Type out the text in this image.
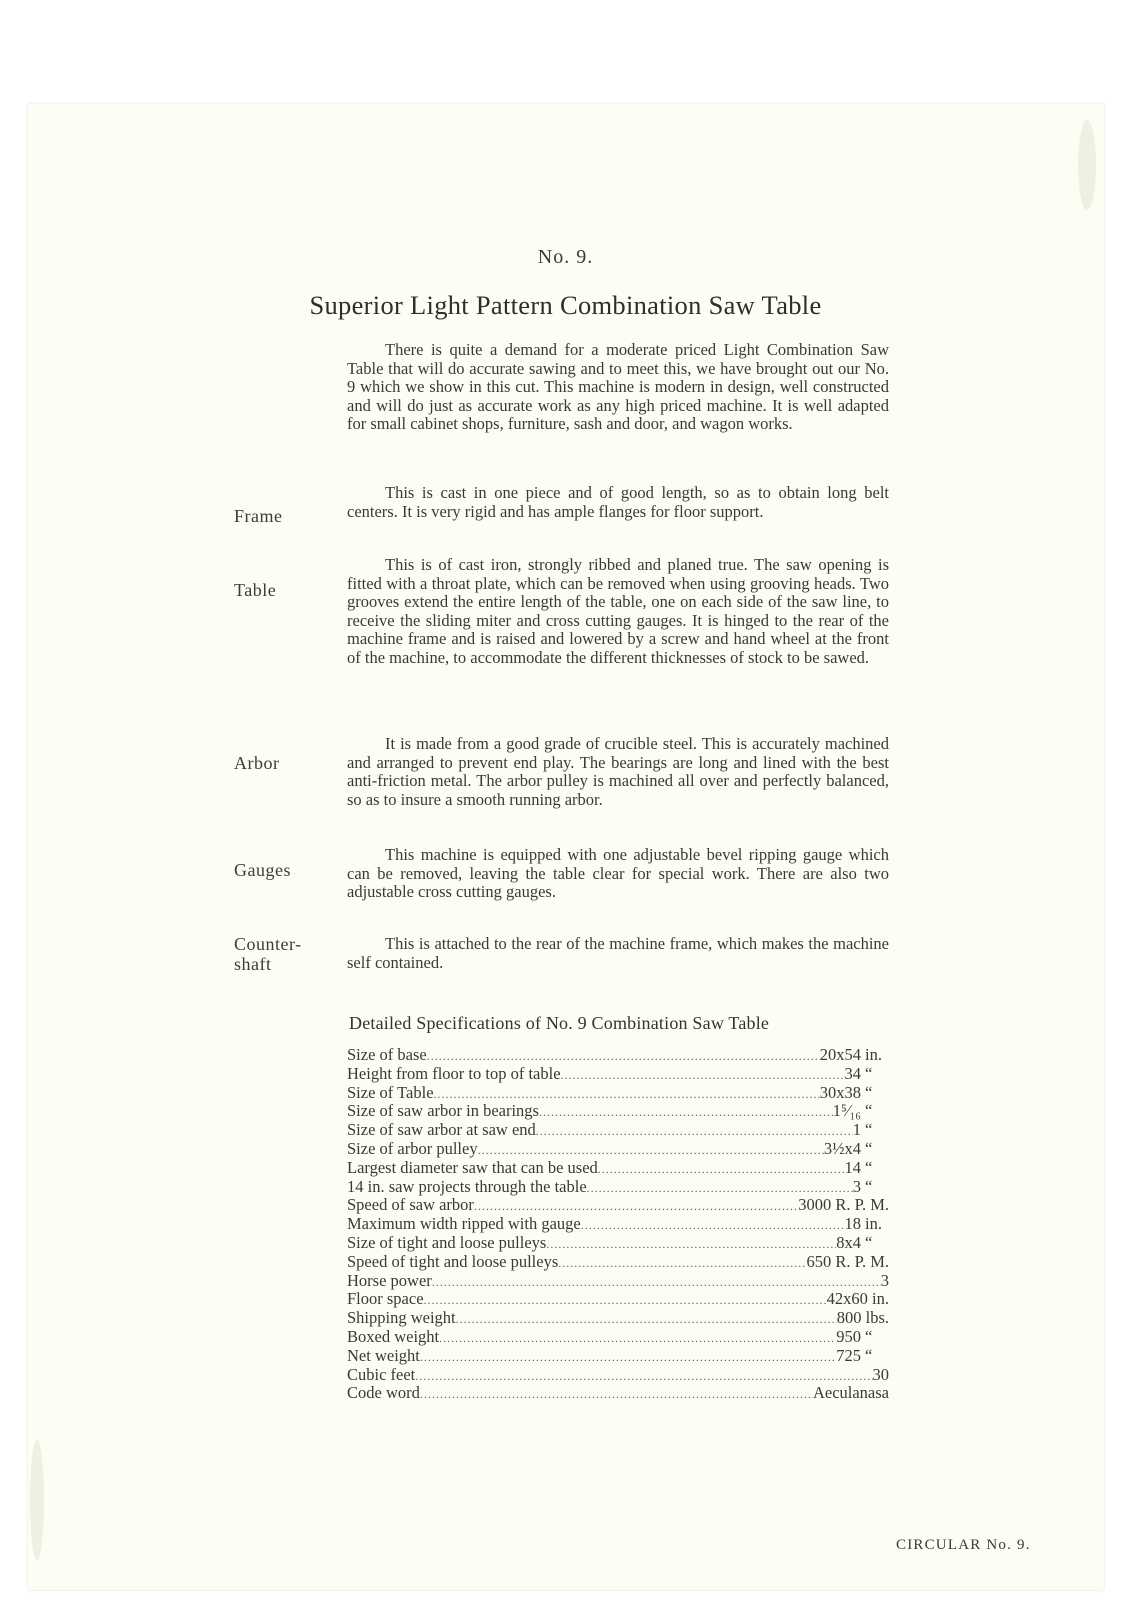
No. 9.
Superior Light Pattern Combination Saw Table

There is quite a demand for a moderate priced Light Combination Saw Table that will do accurate sawing and to meet this, we have brought out our No. 9 which we show in this cut. This machine is modern in design, well constructed and will do just as accurate work as any high priced machine. It is well adapted for small cabinet shops, furniture, sash and door, and wagon works.

Frame

This is cast in one piece and of good length, so as to obtain long belt centers. It is very rigid and has ample flanges for floor support.

Table

This is of cast iron, strongly ribbed and planed true. The saw opening is fitted with a throat plate, which can be removed when using grooving heads. Two grooves extend the entire length of the table, one on each side of the saw line, to receive the sliding miter and cross cutting gauges. It is hinged to the rear of the machine frame and is raised and lowered by a screw and hand wheel at the front of the machine, to accommodate the different thicknesses of stock to be sawed.

Arbor

It is made from a good grade of crucible steel. This is accurately machined and arranged to prevent end play. The bearings are long and lined with the best anti-friction metal. The arbor pulley is machined all over and perfectly balanced, so as to insure a smooth running arbor.

Gauges

This machine is equipped with one adjustable bevel ripping gauge which can be removed, leaving the table clear for special work. There are also two adjustable cross cutting gauges.

Counter-
shaft

This is attached to the rear of the machine frame, which makes the machine self contained.

Detailed Specifications of No. 9 Combination Saw Table
Size of base .....	20x54 in.
Height from floor to top of table .....	34 “
Size of Table .....	30x38 “
Size of saw arbor in bearings .....	1⁵⁄₁₆ “
Size of saw arbor at saw end .....	1 “
Size of arbor pulley .....	3½x4 “
Largest diameter saw that can be used .....	14 “
14 in. saw projects through the table .....	3 “
Speed of saw arbor .....	3000 R. P. M.
Maximum width ripped with gauge .....	18 in.
Size of tight and loose pulleys .....	8x4 “
Speed of tight and loose pulleys .....	650 R. P. M.
Horse power .....	3
Floor space .....	42x60 in.
Shipping weight .....	800 lbs.
Boxed weight .....	950 “
Net weight .....	725 “
Cubic feet .....	30
Code word .....	Aeculanasa
CIRCULAR No. 9.
